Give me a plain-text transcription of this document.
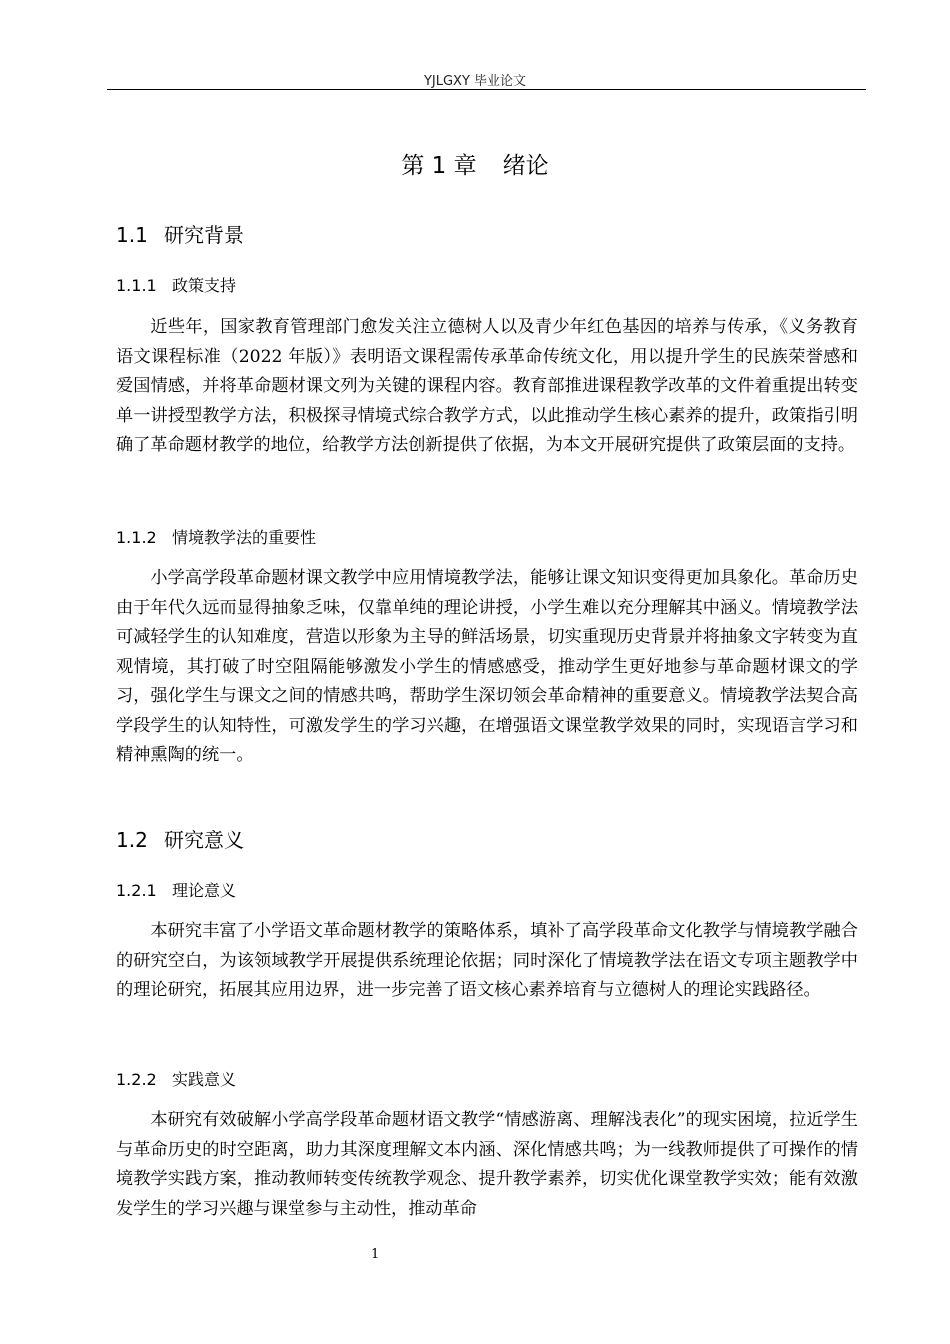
YJLGXY 毕业论文
第 1 章 绪论
1.1 研究背景
1.1.1 政策支持

近些年，国家教育管理部门愈发关注立德树人以及青少年红色基因的培养与传承，《义务教育语文课程标准（2022 年版）》表明语文课程需传承革命传统文化，用以提升学生的民族荣誉感和爱国情感，并将革命题材课文列为关键的课程内容。教育部推进课程教学改革的文件着重提出转变单一讲授型教学方法，积极探寻情境式综合教学方式，以此推动学生核心素养的提升，政策指引明确了革命题材教学的地位，给教学方法创新提供了依据，为本文开展研究提供了政策层面的支持。

1.1.2 情境教学法的重要性

小学高学段革命题材课文教学中应用情境教学法，能够让课文知识变得更加具象化。革命历史由于年代久远而显得抽象乏味，仅靠单纯的理论讲授，小学生难以充分理解其中涵义。情境教学法可减轻学生的认知难度，营造以形象为主导的鲜活场景，切实重现历史背景并将抽象文字转变为直观情境，其打破了时空阻隔能够激发小学生的情感感受，推动学生更好地参与革命题材课文的学习，强化学生与课文之间的情感共鸣，帮助学生深切领会革命精神的重要意义。情境教学法契合高学段学生的认知特性，可激发学生的学习兴趣，在增强语文课堂教学效果的同时，实现语言学习和精神熏陶的统一。

1.2 研究意义
1.2.1 理论意义

本研究丰富了小学语文革命题材教学的策略体系，填补了高学段革命文化教学与情境教学融合的研究空白，为该领域教学开展提供系统理论依据；同时深化了情境教学法在语文专项主题教学中的理论研究，拓展其应用边界，进一步完善了语文核心素养培育与立德树人的理论实践路径。

1.2.2 实践意义

本研究有效破解小学高学段革命题材语文教学“情感游离、理解浅表化”的现实困境，拉近学生与革命历史的时空距离，助力其深度理解文本内涵、深化情感共鸣；为一线教师提供了可操作的情境教学实践方案，推动教师转变传统教学观念、提升教学素养，切实优化课堂教学实效；能有效激发学生的学习兴趣与课堂参与主动性，推动革命

1
